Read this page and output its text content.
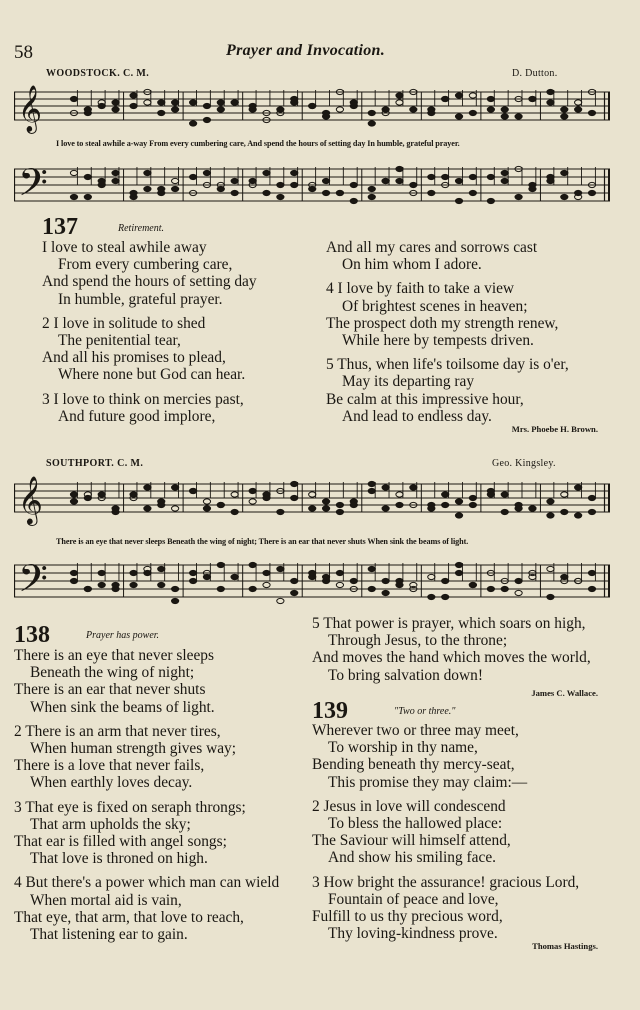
58	Prayer and Invocation.
WOODSTOCK. C. M.	D. Dutton.
𝄞
I love to steal awhile a-way From every cumbering care, And spend the hours of setting day In humble, grateful prayer.
𝄢
137	Retirement.
I love to steal awhile away
From every cumbering care,
And spend the hours of setting day
In humble, grateful prayer.
2 I love in solitude to shed
The penitential tear,
And all his promises to plead,
Where none but God can hear.
3 I love to think on mercies past,
And future good implore,
And all my cares and sorrows cast
On him whom I adore.
4 I love by faith to take a view
Of brightest scenes in heaven;
The prospect doth my strength renew,
While here by tempests driven.
5 Thus, when life's toilsome day is o'er,
May its departing ray
Be calm at this impressive hour,
And lead to endless day.
Mrs. Phoebe H. Brown.
SOUTHPORT. C. M.	Geo. Kingsley.
𝄞
There is an eye that never sleeps Beneath the wing of night; There is an ear that never shuts When sink the beams of light.
𝄢
138	Prayer has power.
There is an eye that never sleeps
Beneath the wing of night;
There is an ear that never shuts
When sink the beams of light.
2 There is an arm that never tires,
When human strength gives way;
There is a love that never fails,
When earthly loves decay.
3 That eye is fixed on seraph throngs;
That arm upholds the sky;
That ear is filled with angel songs;
That love is throned on high.
4 But there's a power which man can wield
When mortal aid is vain,
That eye, that arm, that love to reach,
That listening ear to gain.
5 That power is prayer, which soars on high,
Through Jesus, to the throne;
And moves the hand which moves the world,
To bring salvation down!
James C. Wallace.
139	"Two or three."
Wherever two or three may meet,
To worship in thy name,
Bending beneath thy mercy-seat,
This promise they may claim:—
2 Jesus in love will condescend
To bless the hallowed place:
The Saviour will himself attend,
And show his smiling face.
3 How bright the assurance! gracious Lord,
Fountain of peace and love,
Fulfill to us thy precious word,
Thy loving-kindness prove.
Thomas Hastings.
